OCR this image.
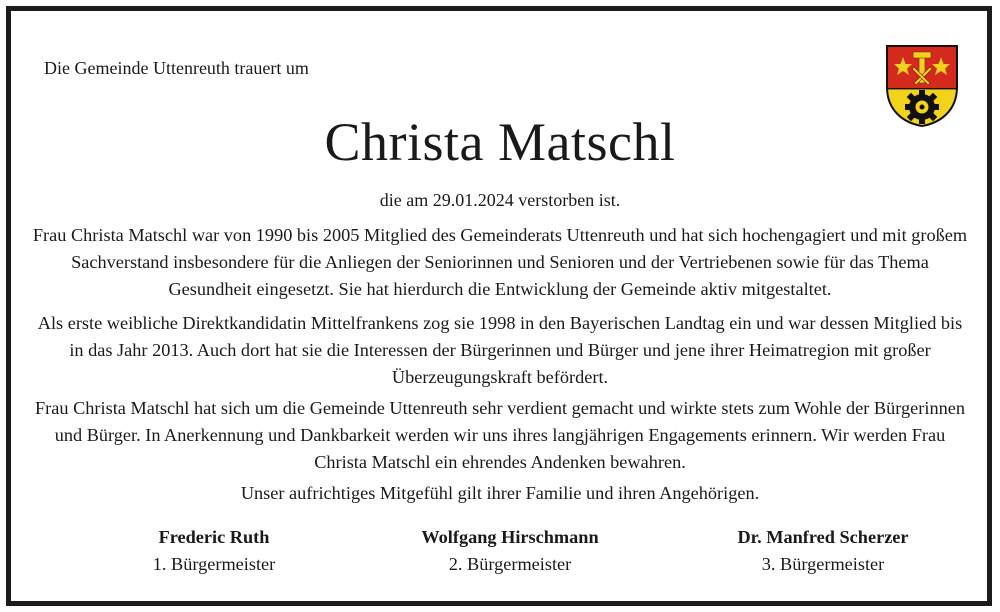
Die Gemeinde Uttenreuth trauert um
Christa Matschl
die am 29.01.2024 verstorben ist.

Frau Christa Matschl war von 1990 bis 2005 Mitglied des Gemeinderats Uttenreuth und hat sich hochengagiert und mit großem Sachverstand insbesondere für die Anliegen der Seniorinnen und Senioren und der Vertriebenen sowie für das Thema Gesundheit eingesetzt. Sie hat hierdurch die Entwicklung der Gemeinde aktiv mitgestaltet.

Als erste weibliche Direktkandidatin Mittelfrankens zog sie 1998 in den Bayerischen Landtag ein und war dessen Mitglied bis in das Jahr 2013. Auch dort hat sie die Interessen der Bürgerinnen und Bürger und jene ihrer Heimatregion mit großer Überzeugungskraft befördert.

Frau Christa Matschl hat sich um die Gemeinde Uttenreuth sehr verdient gemacht und wirkte stets zum Wohle der Bürgerinnen und Bürger. In Anerkennung und Dankbarkeit werden wir uns ihres langjährigen Engagements erinnern. Wir werden Frau Christa Matschl ein ehrendes Andenken bewahren.

Unser aufrichtiges Mitgefühl gilt ihrer Familie und ihren Angehörigen.

Frederic Ruth
1. Bürgermeister
Wolfgang Hirschmann
2. Bürgermeister
Dr. Manfred Scherzer
3. Bürgermeister
